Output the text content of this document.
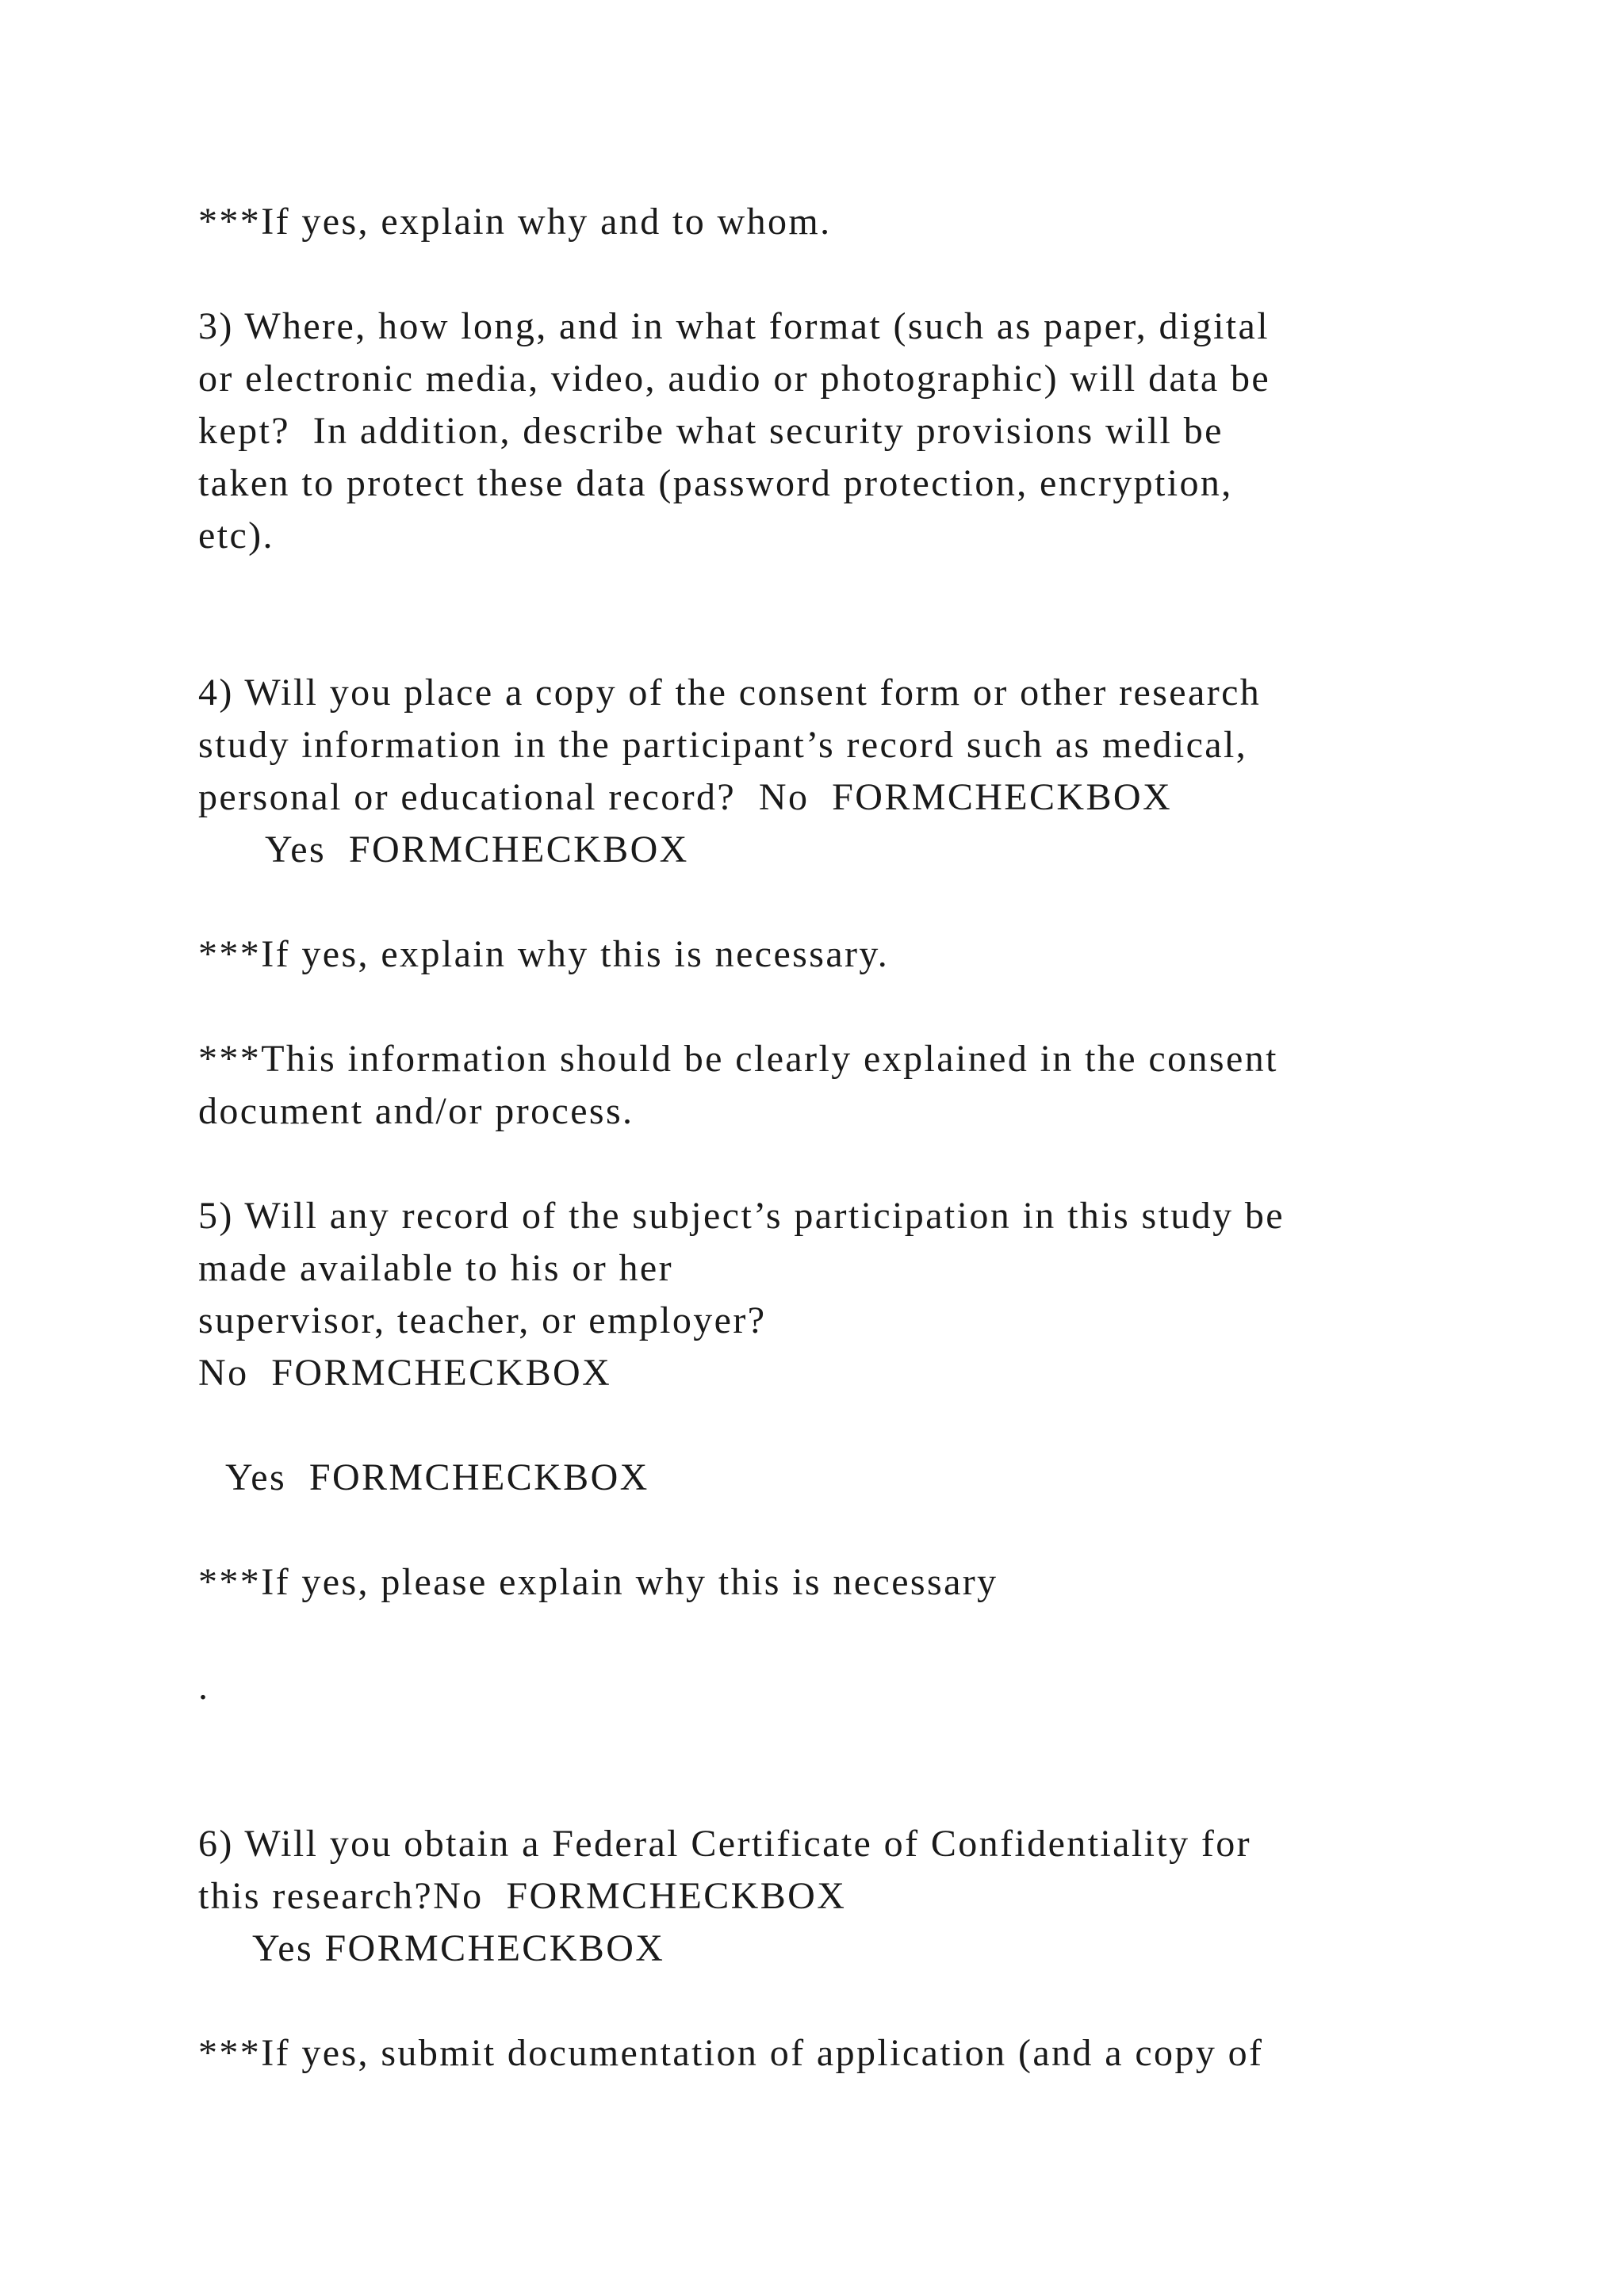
***If yes, explain why and to whom.
3) Where, how long, and in what format (such as paper, digital
or electronic media, video, audio or photographic) will data be
kept?  In addition, describe what security provisions will be
taken to protect these data (password protection, encryption,
etc).
4) Will you place a copy of the consent form or other research
study information in the participant’s record such as medical,
personal or educational record?  No  FORMCHECKBOX
Yes  FORMCHECKBOX
***If yes, explain why this is necessary.
***This information should be clearly explained in the consent
document and/or process.
5) Will any record of the subject’s participation in this study be
made available to his or her
supervisor, teacher, or employer?
No  FORMCHECKBOX
Yes  FORMCHECKBOX
***If yes, please explain why this is necessary
.
6) Will you obtain a Federal Certificate of Confidentiality for
this research?No  FORMCHECKBOX
Yes FORMCHECKBOX
***If yes, submit documentation of application (and a copy of
